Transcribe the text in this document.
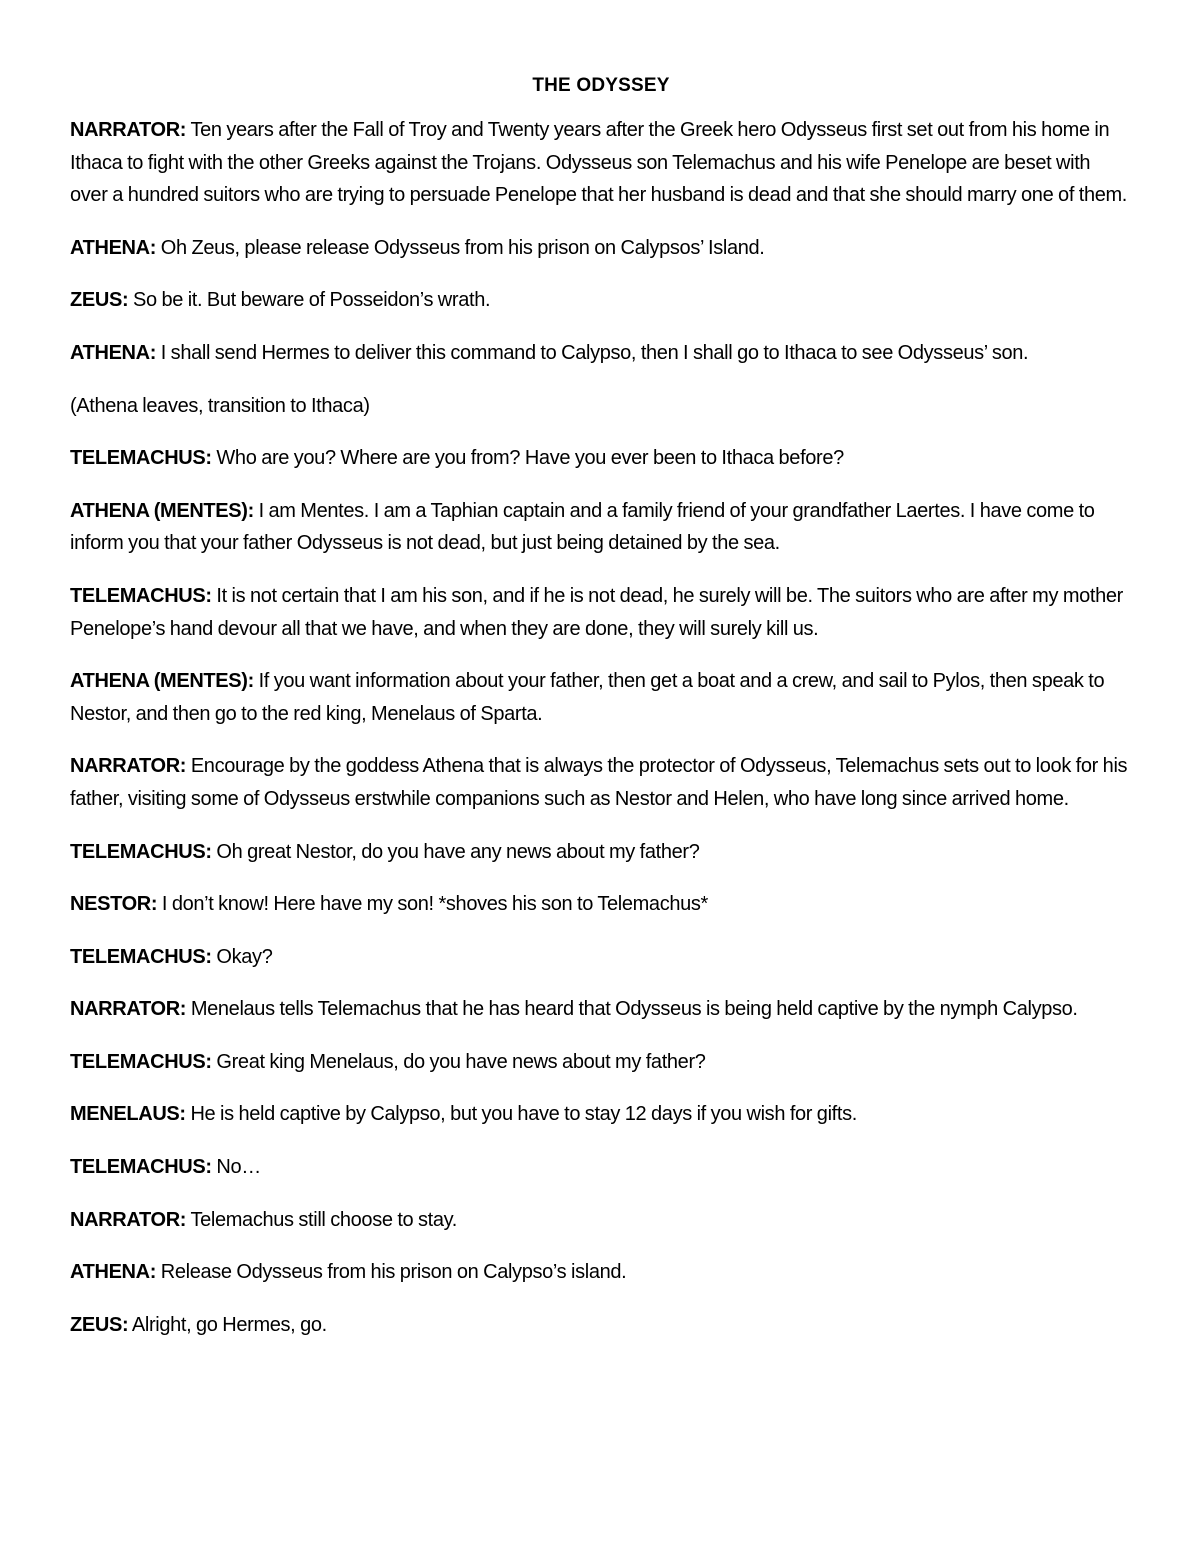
THE ODYSSEY
NARRATOR: Ten years after the Fall of Troy and Twenty years after the Greek hero Odysseus first set out from his home in Ithaca to fight with the other Greeks against the Trojans. Odysseus son Telemachus and his wife Penelope are beset with over a hundred suitors who are trying to persuade Penelope that her husband is dead and that she should marry one of them.
ATHENA: Oh Zeus, please release Odysseus from his prison on Calypsos’ Island.
ZEUS: So be it. But beware of Posseidon’s wrath.
ATHENA: I shall send Hermes to deliver this command to Calypso, then I shall go to Ithaca to see Odysseus’ son.
(Athena leaves, transition to Ithaca)
TELEMACHUS: Who are you? Where are you from? Have you ever been to Ithaca before?
ATHENA (MENTES): I am Mentes. I am a Taphian captain and a family friend of your grandfather Laertes. I have come to inform you that your father Odysseus is not dead, but just being detained by the sea.
TELEMACHUS: It is not certain that I am his son, and if he is not dead, he surely will be. The suitors who are after my mother Penelope’s hand devour all that we have, and when they are done, they will surely kill us.
ATHENA (MENTES): If you want information about your father, then get a boat and a crew, and sail to Pylos, then speak to Nestor, and then go to the red king, Menelaus of Sparta.
NARRATOR: Encourage by the goddess Athena that is always the protector of Odysseus, Telemachus sets out to look for his father, visiting some of Odysseus erstwhile companions such as Nestor and Helen, who have long since arrived home.
TELEMACHUS: Oh great Nestor, do you have any news about my father?
NESTOR: I don’t know! Here have my son! *shoves his son to Telemachus*
TELEMACHUS: Okay?
NARRATOR: Menelaus tells Telemachus that he has heard that Odysseus is being held captive by the nymph Calypso.
TELEMACHUS: Great king Menelaus, do you have news about my father?
MENELAUS: He is held captive by Calypso, but you have to stay 12 days if you wish for gifts.
TELEMACHUS: No…
NARRATOR: Telemachus still choose to stay.
ATHENA: Release Odysseus from his prison on Calypso’s island.
ZEUS: Alright, go Hermes, go.
